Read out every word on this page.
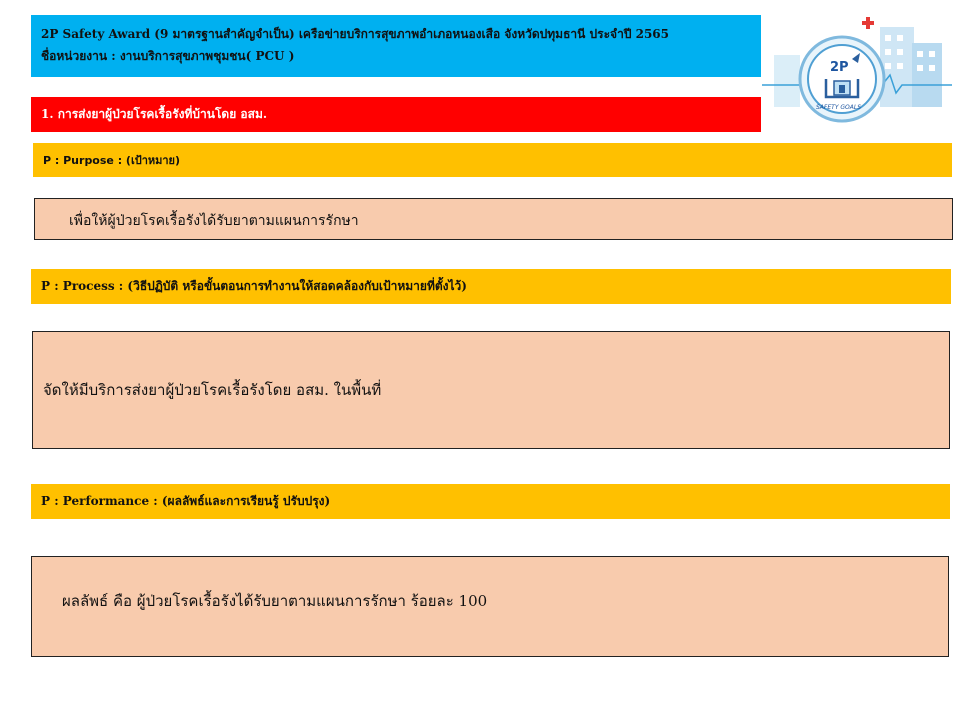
2P Safety Award (9 มาตรฐานสำคัญจำเป็น) เครือข่ายบริการสุขภาพอำเภอหนองเสือ จังหวัดปทุมธานี ประจำปี 2565
ชื่อหน่วยงาน : งานบริการสุขภาพชุมชน( PCU )
2P
SAFETY GOALS
1. การส่งยาผู้ป่วยโรคเรื้อรังที่บ้านโดย อสม.
P : Purpose : (เป้าหมาย)
เพื่อให้ผู้ป่วยโรคเรื้อรังได้รับยาตามแผนการรักษา
P : Process : (วิธีปฏิบัติ หรือขั้นตอนการทำงานให้สอดคล้องกับเป้าหมายที่ตั้งไว้)
จัดให้มีบริการส่งยาผู้ป่วยโรคเรื้อรังโดย อสม. ในพื้นที่
P : Performance : (ผลลัพธ์และการเรียนรู้ ปรับปรุง)
ผลลัพธ์ คือ ผู้ป่วยโรคเรื้อรังได้รับยาตามแผนการรักษา ร้อยละ 100
